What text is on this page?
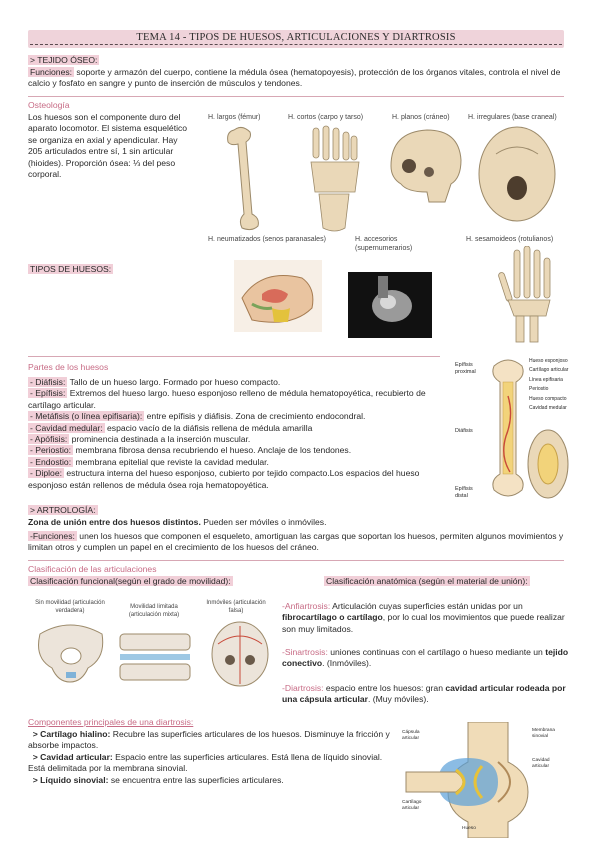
TEMA 14 - TIPOS DE HUESOS, ARTICULACIONES Y DIARTROSIS
> TEJIDO ÓSEO:
Funciones: soporte y armazón del cuerpo, contiene la médula ósea (hematopoyesis), protección de los órganos vitales, controla el nivel de calcio y fosfato en sangre y punto de inserción de músculos y tendones.
Osteología
Los huesos son el componente duro del aparato locomotor. El sistema esquelético se organiza en axial y apendicular. Hay 205 articulados entre sí, 1 sin articular (hioides). Proporción ósea: ⅓ del peso corporal.
H. largos (fémur)	H. cortos (carpo y tarso)	H. planos (cráneo)	H. irregulares (base craneal)
H. neumatizados (senos paranasales)	H. accesorios (supernumerarios)
H. sesamoideos (rotulianos)
TIPOS DE HUESOS:
Partes de los huesos
- Diáfisis: Tallo de un hueso largo. Formado por hueso compacto.
- Epífisis: Extremos del hueso largo. hueso esponjoso relleno de médula hematopoyética, recubierto de cartílago articular.
- Metáfisis (o línea epifisaria): entre epífisis y diáfisis. Zona de crecimiento endocondral.
- Cavidad medular: espacio vacío de la diáfisis rellena de médula amarilla
- Apófisis: prominencia destinada a la inserción muscular.
- Periostio: membrana fibrosa densa recubriendo el hueso. Anclaje de los tendones.
- Endostio: membrana epitelial que reviste la cavidad medular.
- Diploe: estructura interna del hueso esponjoso, cubierto por tejido compacto.Los espacios del hueso esponjoso están rellenos de médula ósea roja hematopoyética.
Epífisis proximal
Diáfisis
Epífisis distal
Hueso esponjoso
Cartílago articular
Línea epifisaria
Periostio
Hueso compacto
Cavidad medular
> ARTROLOGÍA:
Zona de unión entre dos huesos distintos. Pueden ser móviles o inmóviles.
-Funciones: unen los huesos que componen el esqueleto, amortiguan las cargas que soportan los huesos, permiten algunos movimientos y limitan otros y cumplen un papel en el crecimiento de los huesos del cráneo.
Clasificación de las articulaciones
Clasificación funcional(según el grado de movilidad):	Clasificación anatómica (según el material de unión):
Sin movilidad (articulación verdadera)
Movilidad limitada (articulación mixta)
Inmóviles (articulación falsa)	-Anfiartrosis: Articulación cuyas superficies están unidas por un fibrocartílago o cartílago, por lo cual los movimientos que puede realizar son muy limitados.
-Sinartrosis: uniones continuas con el cartílago o hueso mediante un tejido conectivo. (Inmóviles).
-Diartrosis: espacio entre los huesos: gran cavidad articular rodeada por una cápsula articular. (Muy móviles).
Componentes principales de una diartrosis:
> Cartílago hialino: Recubre las superficies articulares de los huesos. Disminuye la fricción y absorbe impactos.
> Cavidad articular: Espacio entre las superficies articulares. Está llena de líquido sinovial. Está delimitada por la membrana sinovial.
> Líquido sinovial: se encuentra entre las superficies articulares.
Cápsula articular
Membrana sinovial
Cavidad articular
Cartílago articular
Hueso
